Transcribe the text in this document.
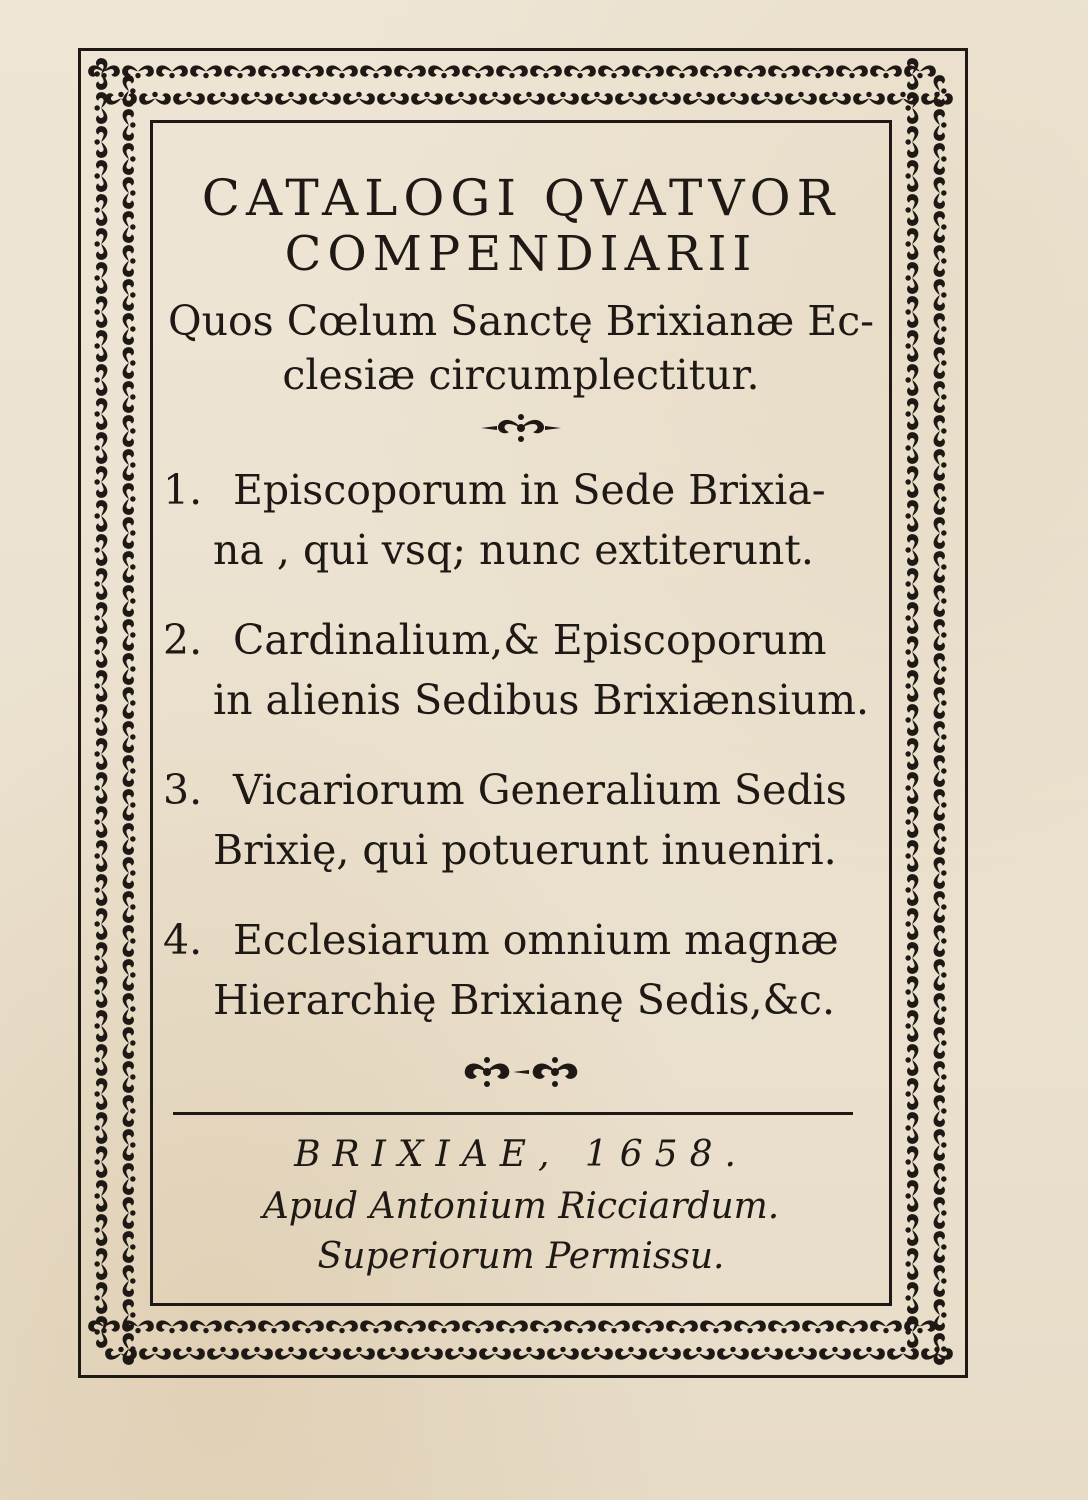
CATALOGI QVATVOR
COMPENDIARII
Quos Cœlum Sanctę Brixianæ Ec-
clesiæ circumplectitur.
1. Episcoporum in Sede Brixia-
na , qui vsq; nunc extiterunt.
2. Cardinalium,& Episcoporum
in alienis Sedibus Brixiænsium.
3. Vicariorum Generalium Sedis
Brixię, qui potuerunt inueniri.
4. Ecclesiarum omnium magnæ
Hierarchię Brixianę Sedis,&c.
BRIXIAE, 1658.
Apud Antonium Ricciardum.
Superiorum Permissu.
